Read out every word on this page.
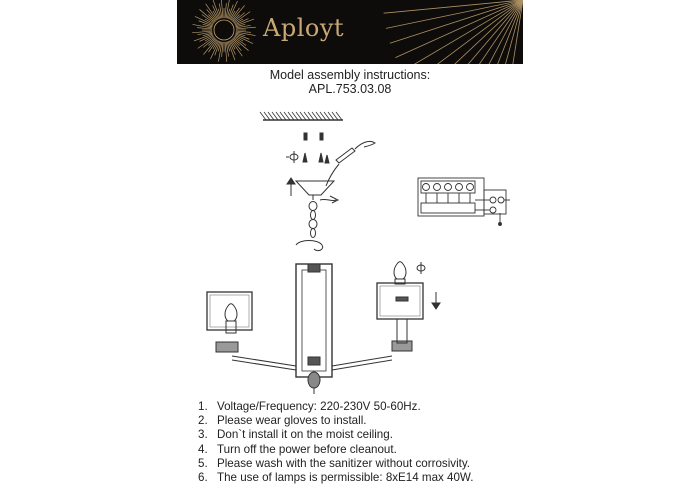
Aployt

Model assembly instructions:

APL.753.03.08

1. Voltage/Frequency: 220-230V 50-60Hz.
2. Please wear gloves to install.
3. Don`t install it on the moist ceiling.
4. Turn off the power before cleanout.
5. Please wash with the sanitizer without corrosivity.
6. The use of lamps is permissible: 8xE14 max 40W.
